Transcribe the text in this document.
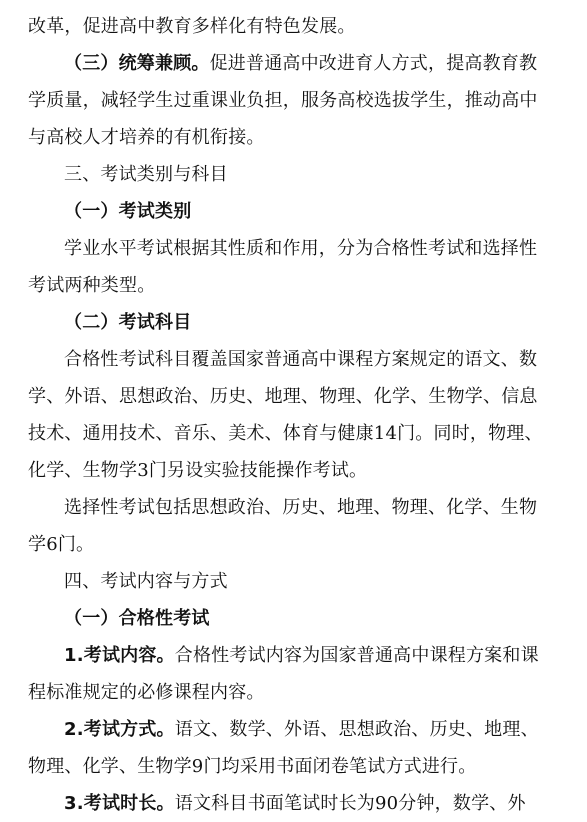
改革，促进高中教育多样化有特色发展。
（三）统筹兼顾。促进普通高中改进育人方式，提高教育教
学质量，减轻学生过重课业负担，服务高校选拔学生，推动高中
与高校人才培养的有机衔接。
三、考试类别与科目
（一）考试类别
学业水平考试根据其性质和作用，分为合格性考试和选择性
考试两种类型。
（二）考试科目
合格性考试科目覆盖国家普通高中课程方案规定的语文、数
学、外语、思想政治、历史、地理、物理、化学、生物学、信息
技术、通用技术、音乐、美术、体育与健康14门。同时，物理、
化学、生物学3门另设实验技能操作考试。
选择性考试包括思想政治、历史、地理、物理、化学、生物
学6门。
四、考试内容与方式
（一）合格性考试
1.考试内容。合格性考试内容为国家普通高中课程方案和课
程标准规定的必修课程内容。
2.考试方式。语文、数学、外语、思想政治、历史、地理、
物理、化学、生物学9门均采用书面闭卷笔试方式进行。
3.考试时长。语文科目书面笔试时长为90分钟，数学、外
